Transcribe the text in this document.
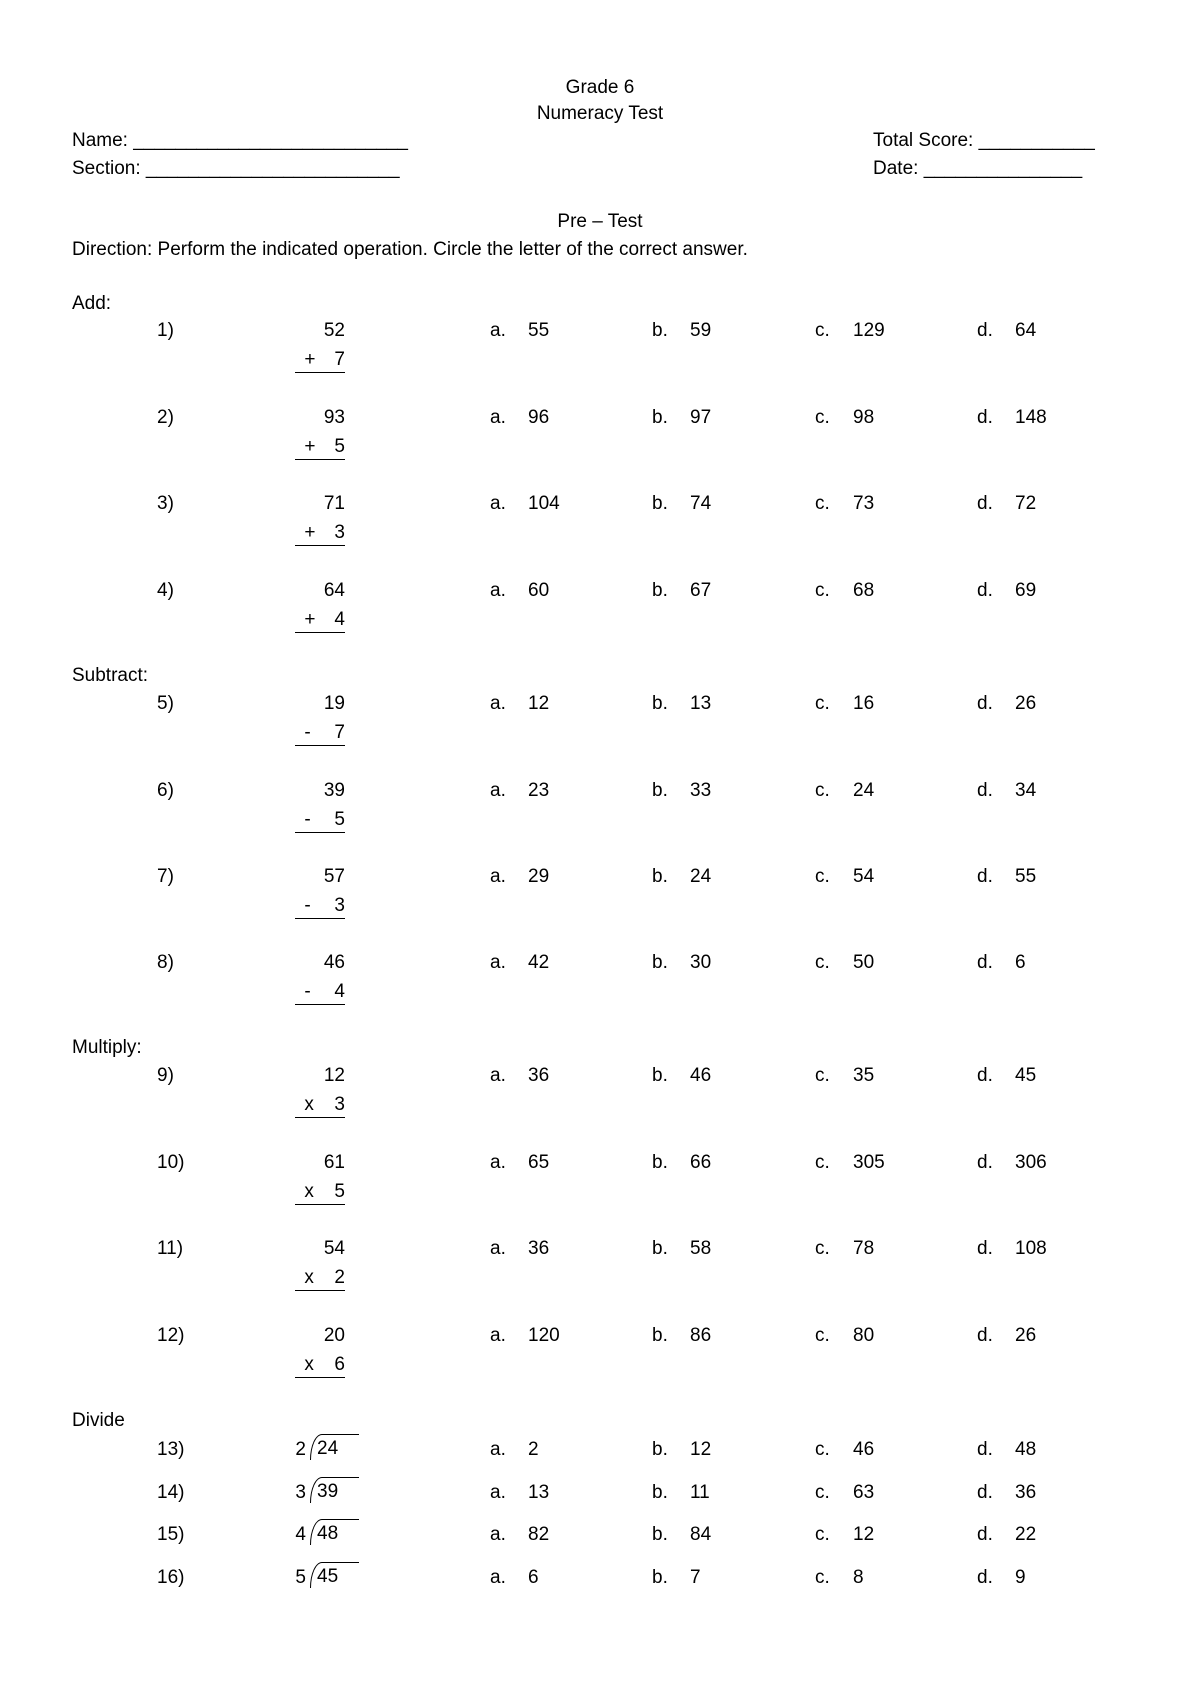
Grade 6
Numeracy Test
Name: __________________________
Section: ________________________
Total Score: ___________
Date: _______________
Pre – Test
Direction: Perform the indicated operation. Circle the letter of the correct answer.
Add:
Subtract:
Multiply:
Divide
1)	52
+ 7
a. 55	b. 59	c. 129	d. 64
2)	93
+ 5
a. 96	b. 97	c. 98	d. 148
3)	71
+ 3
a. 104	b. 74	c. 73	d. 72
4)	64
+ 4
a. 60	b. 67	c. 68	d. 69
5)	19
- 7
a. 12	b. 13	c. 16	d. 26
6)	39
- 5
a. 23	b. 33	c. 24	d. 34
7)	57
- 3
a. 29	b. 24	c. 54	d. 55
8)	46
- 4
a. 42	b. 30	c. 50	d. 6
9)	12
x 3
a. 36	b. 46	c. 35	d. 45
10)	61
x 5
a. 65	b. 66	c. 305	d. 306
11)	54
x 2
a. 36	b. 58	c. 78	d. 108
12)	20
x 6
a. 120	b. 86	c. 80	d. 26
13)	2 24	a. 2	b. 12	c. 46	d. 48
14)	3 39	a. 13	b. 11	c. 63	d. 36
15)	4 48	a. 82	b. 84	c. 12	d. 22
16)	5 45	a. 6	b. 7	c. 8	d. 9
